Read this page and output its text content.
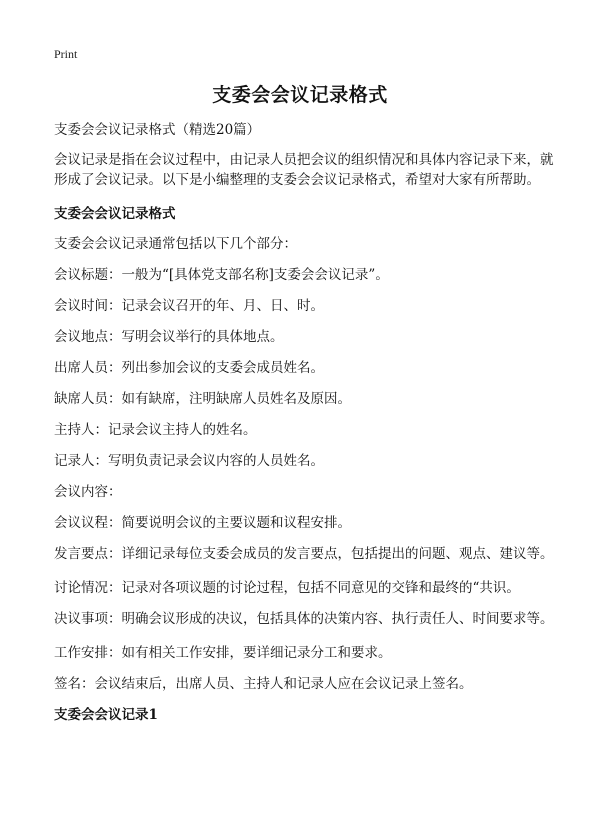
Print
支委会会议记录格式

支委会会议记录格式（精选20篇）

会议记录是指在会议过程中，由记录人员把会议的组织情况和具体内容记录下来，就形成了会议记录。以下是小编整理的支委会会议记录格式，希望对大家有所帮助。

支委会会议记录格式

支委会会议记录通常包括以下几个部分：

会议标题：一般为“[具体党支部名称]支委会会议记录”。

会议时间：记录会议召开的年、月、日、时。

会议地点：写明会议举行的具体地点。

出席人员：列出参加会议的支委会成员姓名。

缺席人员：如有缺席，注明缺席人员姓名及原因。

主持人：记录会议主持人的姓名。

记录人：写明负责记录会议内容的人员姓名。

会议内容：

会议议程：简要说明会议的主要议题和议程安排。

发言要点：详细记录每位支委会成员的发言要点，包括提出的问题、观点、建议等。

讨论情况：记录对各项议题的讨论过程，包括不同意见的交锋和最终的“共识。

决议事项：明确会议形成的决议，包括具体的决策内容、执行责任人、时间要求等。

工作安排：如有相关工作安排，要详细记录分工和要求。

签名：会议结束后，出席人员、主持人和记录人应在会议记录上签名。

支委会会议记录1
